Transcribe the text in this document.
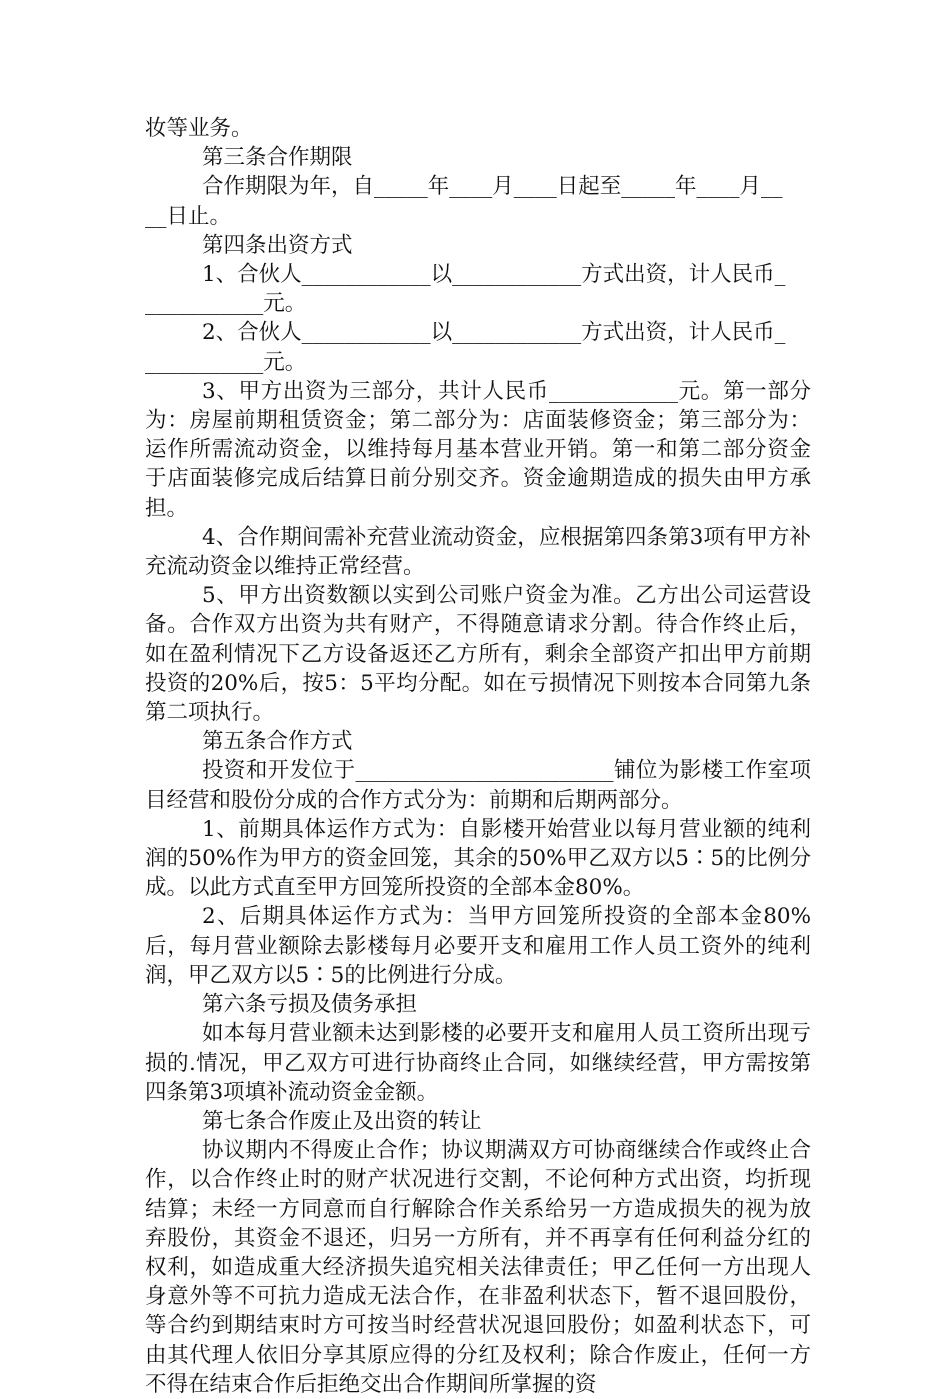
妆等业务。

第三条合作期限

合作期限为年，自_____年____月____日起至_____年____月__

__日止。

第四条出资方式

1、合伙人____________以____________方式出资，计人民币_

___________元。

2、合伙人____________以____________方式出资，计人民币_

___________元。

3、甲方出资为三部分，共计人民币____________元。第一部分为：房屋前期租赁资金；第二部分为：店面装修资金；第三部分为：运作所需流动资金，以维持每月基本营业开销。第一和第二部分资金于店面装修完成后结算日前分别交齐。资金逾期造成的损失由甲方承担。

4、合作期间需补充营业流动资金，应根据第四条第3项有甲方补充流动资金以维持正常经营。

5、甲方出资数额以实到公司账户资金为准。乙方出公司运营设备。合作双方出资为共有财产，不得随意请求分割。待合作终止后，如在盈利情况下乙方设备返还乙方所有，剩余全部资产扣出甲方前期投资的20%后，按5：5平均分配。如在亏损情况下则按本合同第九条第二项执行。

第五条合作方式

投资和开发位于________________________铺位为影楼工作室项目经营和股份分成的合作方式分为：前期和后期两部分。

1、前期具体运作方式为：自影楼开始营业以每月营业额的纯利润的50%作为甲方的资金回笼，其余的50%甲乙双方以5∶5的比例分成。以此方式直至甲方回笼所投资的全部本金80%。

2、后期具体运作方式为：当甲方回笼所投资的全部本金80%后，每月营业额除去影楼每月必要开支和雇用工作人员工资外的纯利润，甲乙双方以5∶5的比例进行分成。

第六条亏损及债务承担

如本每月营业额未达到影楼的必要开支和雇用人员工资所出现亏损的.情况，甲乙双方可进行协商终止合同，如继续经营，甲方需按第四条第3项填补流动资金金额。

第七条合作废止及出资的转让

协议期内不得废止合作；协议期满双方可协商继续合作或终止合作，以合作终止时的财产状况进行交割，不论何种方式出资，均折现结算；未经一方同意而自行解除合作关系给另一方造成损失的视为放弃股份，其资金不退还，归另一方所有，并不再享有任何利益分红的权利，如造成重大经济损失追究相关法律责任；甲乙任何一方出现人身意外等不可抗力造成无法合作，在非盈利状态下，暂不退回股份，等合约到期结束时方可按当时经营状况退回股份；如盈利状态下，可由其代理人依旧分享其原应得的分红及权利；除合作废止，任何一方不得在结束合作后拒绝交出合作期间所掌握的资
